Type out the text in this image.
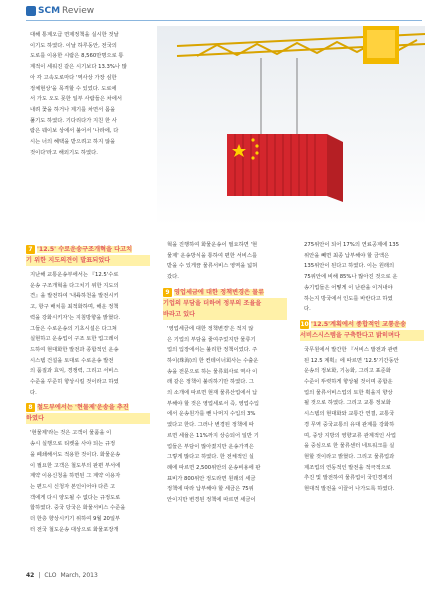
SCM Review

대해 통계오급 면제정책을 실시한 것날

이기도 하였다. 이날 하루동안, 전국의

도로를 이용한 시람은 8,560만명으로 통

계적이 세워진 같은 시기보다 13.3%나 많

아 각 고속도로마다 '역사상 가장 심한

정체현상'을 목격할 수 있었다. 도로에

서 가도 오도 못한 일부 사람들은 차에서

내려 꽃을 하거나 제기를 차면서 몸을

풀기도 하였다. 기다리다가 지친 한 사

람은 웨이보 상에서 불어서 '나라에, 다

시는 너의 혜택을 받으려고 하지 않을

것이다'라고 해외기도 하였다.

7 '12.5' 수로운송구조개혁을 다고치
기 위한 지도의견이 발표되었다

지난해 교통운송부에서는 『12.5'수로

운송 구조개혁을 다그치기 위한 지도의

견』을 발전하여 '내륙하천을 발전시키

고, 항구 배치를 최적화하며, 해운 정책

력을 강화시키자'는 지침방향을 밝혔다.

그들은 수로운송의 기초시설은 다그쳐

실현하고 운송업이 구조 토한 업그레이

드하여 현대화한 발전과 종합적인 운송

시스템 건설을 토대로 수로운송 발전

의 품질과 효익, 경쟁력, 그리고 서비스

수준을 꾸준히 향상시킬 것이라고 하였

다.

8 철도부에서는 '현물제'운송을 추진
하였다

'현물제'라는 것은 고객이 물품을 이

송시 실행으로 티켓을 사야 되는 규정

을 폐쇄해서도 적용한 것이다. 화물운송

이 필요한 고객은 철도부의 판편 부서에

계약 이용신청을 하면된 그 계약 이용자

는 편드시 신청자 본인이어야 다른 고

객에게 다시 양도될 수 없다는 규정도로

합하였다. 중국 당국은 화물서비스 수준을

더 한층 향상시키기 위하여 9월 20일부

터 전국 철도운송 대상으로 화물포장개

혁을 진행하여 화물운송이 필요하면 '현

물제' 운송방식을 통하여 편한 서비스를

받을 수 있게끔 물류서비스 영역을 넓혀

갔다.

9 영업세금에 대한 정책변경은 물류
기업의 부담을 더하여 정부의 조율을
바라고 있다

'영업세금에 대한 정책변경'은 적지 않

은 기업의 부담을 줄여주었지만 물류기

업의 입장에서는 불리한 정책이었다. 주

하이(珠海)의 한 컨테이너회사는 수출운

송을 전문으로 하는 물류회사로 역사 이

래 같은 정책이 불리하기만 하였다. 그

의 소개에 따르면 현재 물류산업에서 납

부해야 할 것은 영업세로서 즉, 영업수입

에서 운송원가를 뺀 나머지 수입의 3%

였다고 한다. 그러나 변경된 정책에 따

르면 세율은 11%까지 상승되어 일반 기

업들은 부담이 많아졌지만 운송가격은

그렇게 많다고 하였다. 한 전체적인 실

례에 따르면 2,500위안의 운송비용에 판

표비가 800위안 정도라면 원래의 세금

정책에 따라 납부해야 할 세금은 75위

안이지만 변경된 정책에 따르면 세금이

275위안이 되어 17%의 연료공제에 135

위안을 빼면 최종 납부해야 할 금액은

135위안이 된다고 하였다. 이는 원래의

75위안에 비해 85%나 많아진 것으로 운

송기업들은 어떻게 이 난관을 이겨내야

하는지 방국에서 인도를 바란다고 하였

다.

10 '12.5'계획에서 종합적인 교통운송
서비스시스템을 구축한다고 밝히며다

국무원에서 발간한 『서비스 발전과 관련

된 12.5 계획』에 따르면 '12.5'기간동안

운송의 정보화, 기능화, 그리고 표준화

수준이 뚜렷하게 향상될 것이며 종합운

업의 물류서비스업의 토한 획을지 향상

될 것으로 하였다. 그리고 교통 정보화

시스템의 현대화와 교통간 연결, 교통국

경 무역 중국교통의 유대 관계를 강화하

며, 중앙 지방의 영향교류 관계적인 사업

을 중심으로 한 물류센터 네트워크를 실

현할 것이라고 밝혔다. 그리고 물류업과

제조업의 연동적인 발전을 적극적으로

추진 및 발전하여 물류업이 국민경제의

현대적 발전을 이끌어 나가도록 하였다.

42 | CLO March, 2013
